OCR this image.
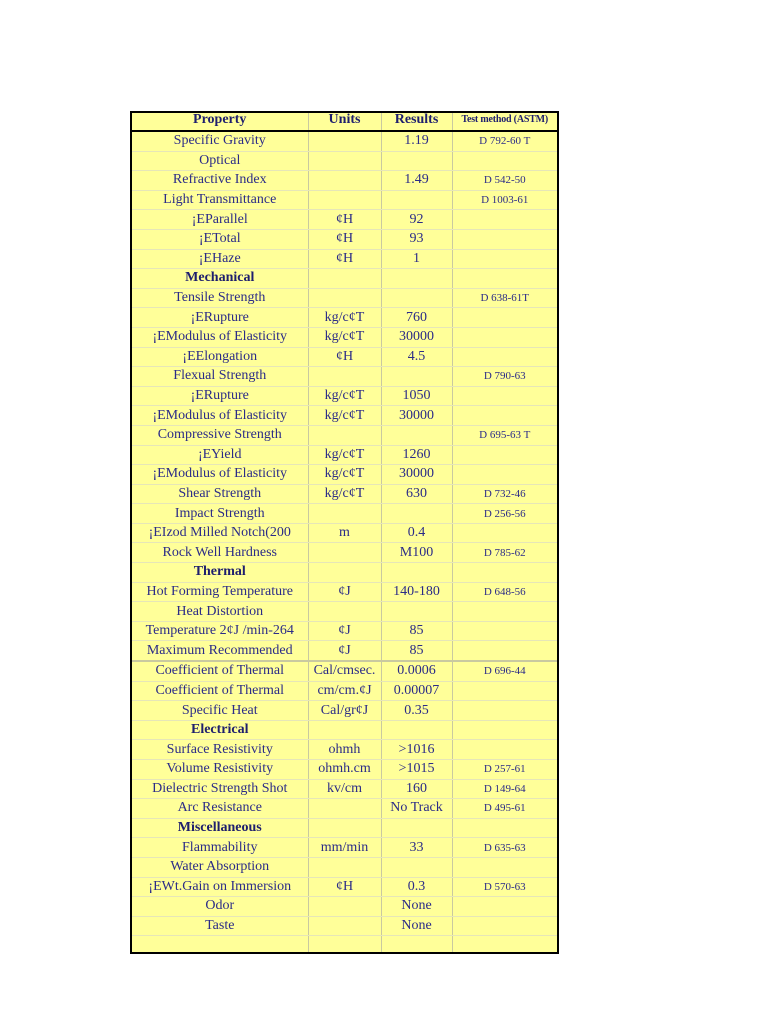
Property	Units	Results	Test method (ASTM)
Specific Gravity		1.19	D 792-60 T
Optical			
Refractive Index		1.49	D 542-50
Light Transmittance			D 1003-61
¡EParallel	¢H	92	
¡ETotal	¢H	93	
¡EHaze	¢H	1	
Mechanical			
Tensile Strength			D 638-61T
¡ERupture	kg/c¢T	760	
¡EModulus of Elasticity	kg/c¢T	30000	
¡EElongation	¢H	4.5	
Flexual Strength			D 790-63
¡ERupture	kg/c¢T	1050	
¡EModulus of Elasticity	kg/c¢T	30000	
Compressive Strength			D 695-63 T
¡EYield	kg/c¢T	1260	
¡EModulus of Elasticity	kg/c¢T	30000	
Shear Strength	kg/c¢T	630	D 732-46
Impact Strength			D 256-56
¡EIzod Milled Notch(200	m	0.4	
Rock Well Hardness		M100	D 785-62
Thermal			
Hot Forming Temperature	¢J	140-180	D 648-56
Heat Distortion			
Temperature 2¢J /min-264	¢J	85	
Maximum Recommended	¢J	85	
Coefficient of Thermal	Cal/cmsec.	0.0006	D 696-44
Coefficient of Thermal	cm/cm.¢J	0.00007	
Specific Heat	Cal/gr¢J	0.35	
Electrical			
Surface Resistivity	ohmh	>1016	
Volume Resistivity	ohmh.cm	>1015	D 257-61
Dielectric Strength Shot	kv/cm	160	D 149-64
Arc Resistance		No Track	D 495-61
Miscellaneous			
Flammability	mm/min	33	D 635-63
Water Absorption			
¡EWt.Gain on Immersion	¢H	0.3	D 570-63
Odor		None	
Taste		None	
